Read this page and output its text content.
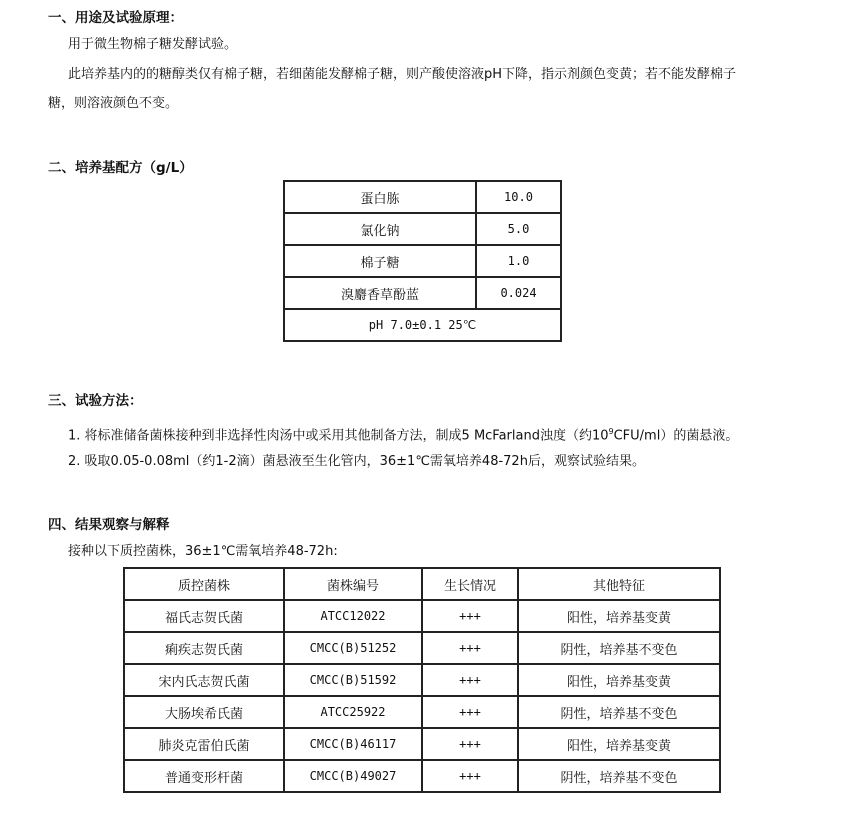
一、用途及试验原理：
用于微生物棉子糖发酵试验。
此培养基内的的糖醇类仅有棉子糖，若细菌能发酵棉子糖，则产酸使溶液pH下降，指示剂颜色变黄；若不能发酵棉子
糖，则溶液颜色不变。
二、培养基配方（g/L）
蛋白胨	10.0
氯化钠	5.0
棉子糖	1.0
溴麝香草酚蓝	0.024
pH 7.0±0.1 25℃	
三、试验方法：
1. 将标准储备菌株接种到非选择性肉汤中或采用其他制备方法，制成5 McFarland浊度（约$10^9CFU/ml$）的菌悬液。
2. 吸取0.05-0.08ml（约1-2滴）菌悬液至生化管内，36±1℃需氧培养48-72h后，观察试验结果。
四、结果观察与解释
接种以下质控菌株，36±1℃需氧培养48-72h:
质控菌株	菌株编号	生长情况	其他特征
福氏志贺氏菌	ATCC12022	+++	阳性，培养基变黄
痢疾志贺氏菌	CMCC(B)51252	+++	阴性，培养基不变色
宋内氏志贺氏菌	CMCC(B)51592	+++	阳性，培养基变黄
大肠埃希氏菌	ATCC25922	+++	阴性，培养基不变色
肺炎克雷伯氏菌	CMCC(B)46117	+++	阳性，培养基变黄
普通变形杆菌	CMCC(B)49027	+++	阴性，培养基不变色
